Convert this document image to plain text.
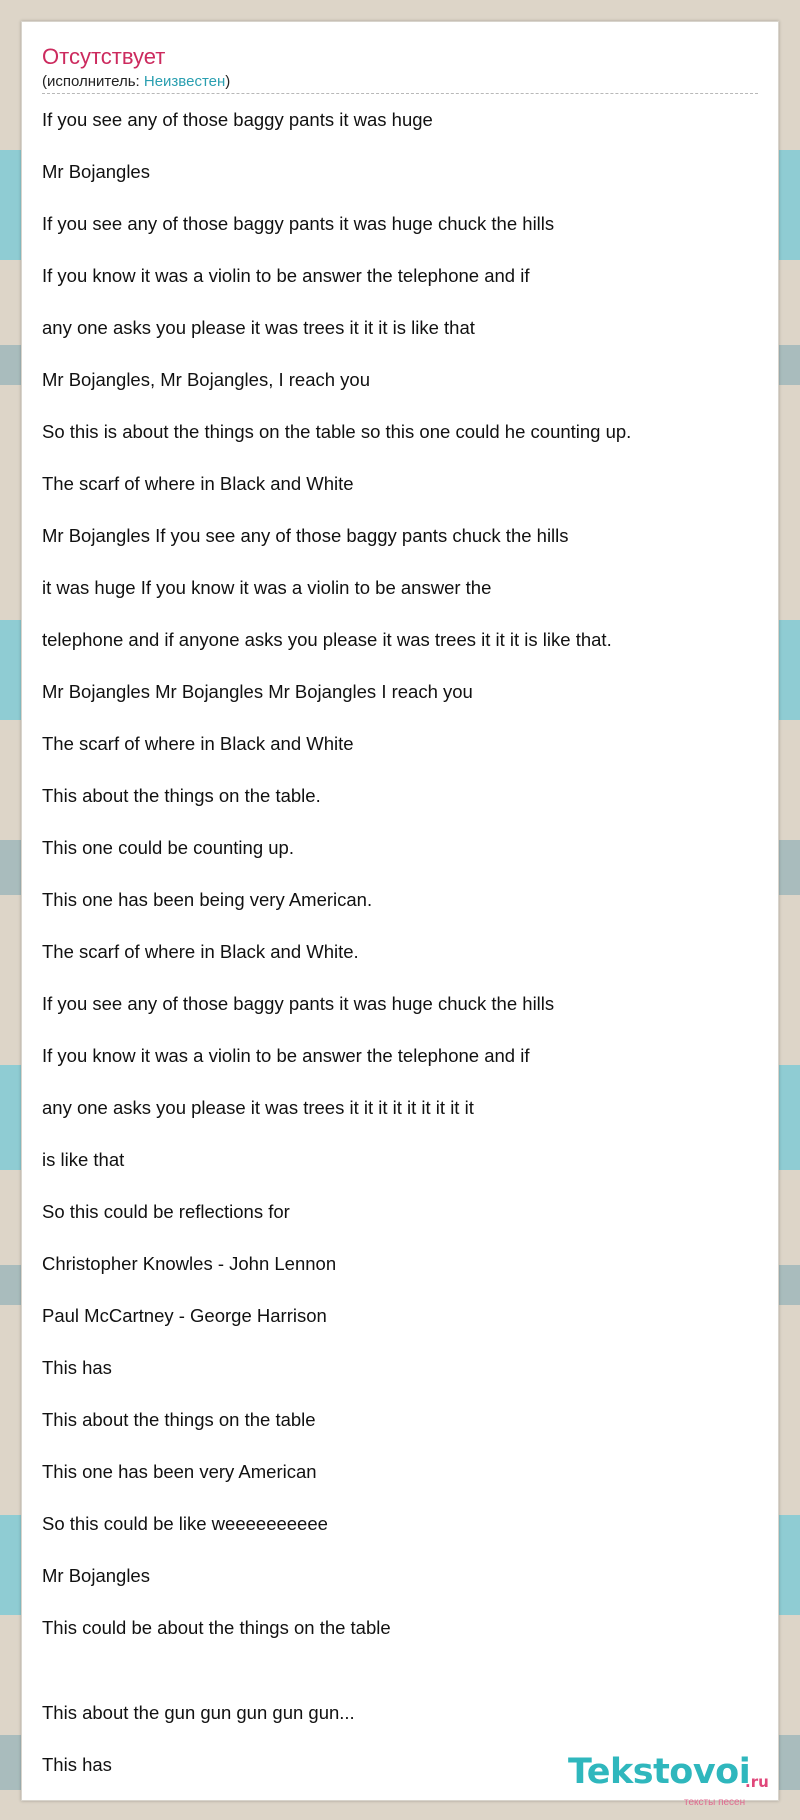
Отсутствует
(исполнитель: Неизвестен)
If you see any of those baggy pants it was huge
Mr Bojangles
If you see any of those baggy pants it was huge chuck the hills
If you know it was a violin to be answer the telephone and if
any one asks you please it was trees it it it is like that
Mr Bojangles, Mr Bojangles, I reach you
So this is about the things on the table so this one could he counting up.
The scarf of where in Black and White
Mr Bojangles If you see any of those baggy pants chuck the hills
it was huge If you know it was a violin to be answer the
telephone and if anyone asks you please it was trees it it it is like that.
Mr Bojangles Mr Bojangles Mr Bojangles I reach you
The scarf of where in Black and White
This about the things on the table.
This one could be counting up.
This one has been being very American.
The scarf of where in Black and White.
If you see any of those baggy pants it was huge chuck the hills
If you know it was a violin to be answer the telephone and if
any one asks you please it was trees it it it it it it it it it
is like that
So this could be reflections for
Christopher Knowles - John Lennon
Paul McCartney - George Harrison
This has
This about the things on the table
This one has been very American
So this could be like weeeeeeeeee
Mr Bojangles
This could be about the things on the table
This about the gun gun gun gun gun...
This has	Tekstovoi
.ru
тексты песен
